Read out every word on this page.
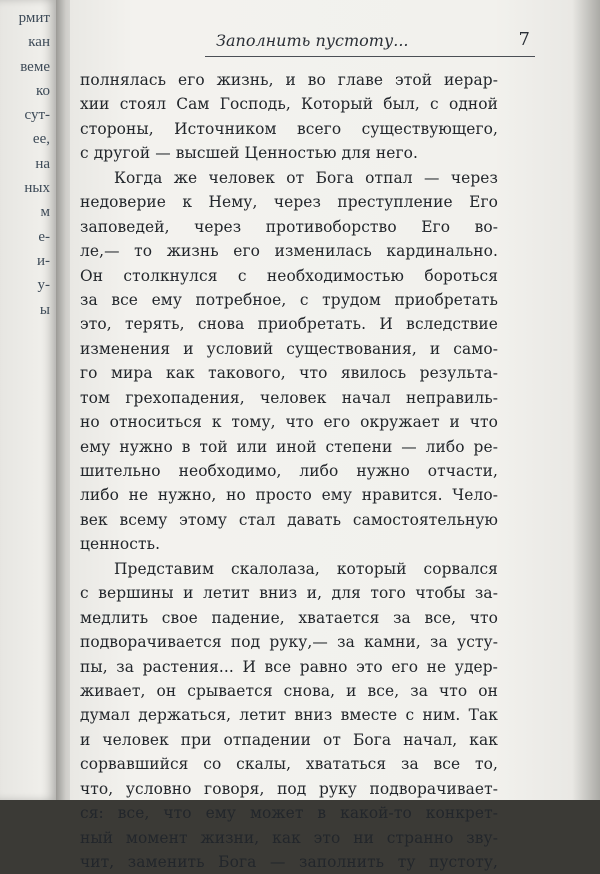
рмит
кан
веме
ко
сут-
ее,
на
ных
м
е-
и-
у-
ы
Заполнить пустоту...	7
полнялась его жизнь, и во главе этой иерар-
хии стоял Сам Господь, Который был, с одной
стороны, Источником всего существующего,
с другой — высшей Ценностью для него.
Когда же человек от Бога отпал — через
недоверие к Нему, через преступление Его
заповедей, через противоборство Его во-
ле,— то жизнь его изменилась кардинально.
Он столкнулся с необходимостью бороться
за все ему потребное, с трудом приобретать
это, терять, снова приобретать. И вследствие
изменения и условий существования, и само-
го мира как такового, что явилось результа-
том грехопадения, человек начал неправиль-
но относиться к тому, что его окружает и что
ему нужно в той или иной степени — либо ре-
шительно необходимо, либо нужно отчасти,
либо не нужно, но просто ему нравится. Чело-
век всему этому стал давать самостоятельную
ценность.
Представим скалолаза, который сорвался
с вершины и летит вниз и, для того чтобы за-
медлить свое падение, хватается за все, что
подворачивается под руку,— за камни, за усту-
пы, за растения... И все равно это его не удер-
живает, он срывается снова, и все, за что он
думал держаться, летит вниз вместе с ним. Так
и человек при отпадении от Бога начал, как
сорвавшийся со скалы, хвататься за все то,
что, условно говоря, под руку подворачивает-
ся: все, что ему может в какой-то конкрет-
ный момент жизни, как это ни странно зву-
чит, заменить Бога — заполнить ту пустоту,
